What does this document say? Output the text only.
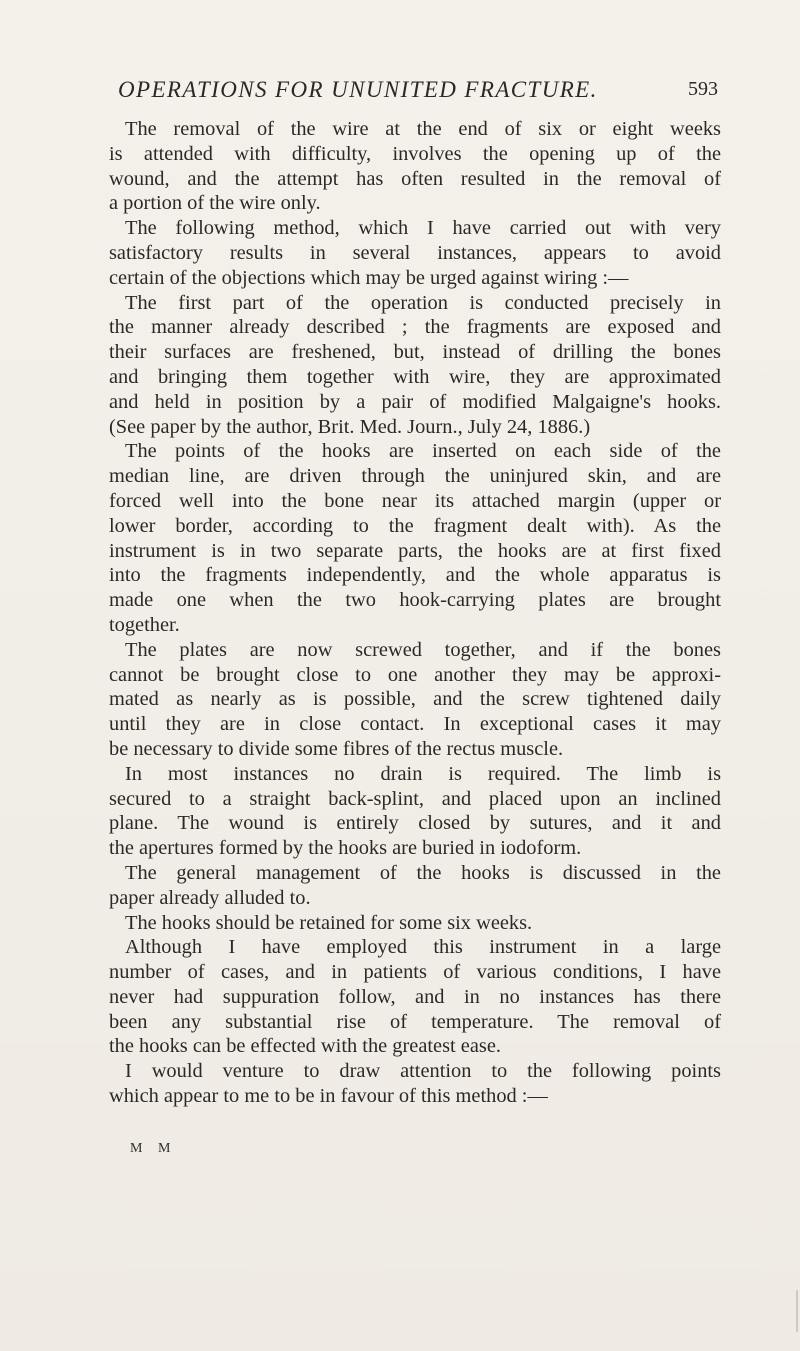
OPERATIONS FOR UNUNITED FRACTURE.	593
The removal of the wire at the end of six or eight weeks
is attended with difficulty, involves the opening up of the
wound, and the attempt has often resulted in the removal of
a portion of the wire only.
The following method, which I have carried out with very
satisfactory results in several instances, appears to avoid
certain of the objections which may be urged against wiring :—
The first part of the operation is conducted precisely in
the manner already described ; the fragments are exposed and
their surfaces are freshened, but, instead of drilling the bones
and bringing them together with wire, they are approximated
and held in position by a pair of modified Malgaigne's hooks.
(See paper by the author, Brit. Med. Journ., July 24, 1886.)
The points of the hooks are inserted on each side of the
median line, are driven through the uninjured skin, and are
forced well into the bone near its attached margin (upper or
lower border, according to the fragment dealt with). As the
instrument is in two separate parts, the hooks are at first fixed
into the fragments independently, and the whole apparatus is
made one when the two hook-carrying plates are brought
together.
The plates are now screwed together, and if the bones
cannot be brought close to one another they may be approxi-
mated as nearly as is possible, and the screw tightened daily
until they are in close contact. In exceptional cases it may
be necessary to divide some fibres of the rectus muscle.
In most instances no drain is required. The limb is
secured to a straight back-splint, and placed upon an inclined
plane. The wound is entirely closed by sutures, and it and
the apertures formed by the hooks are buried in iodoform.
The general management of the hooks is discussed in the
paper already alluded to.
The hooks should be retained for some six weeks.
Although I have employed this instrument in a large
number of cases, and in patients of various conditions, I have
never had suppuration follow, and in no instances has there
been any substantial rise of temperature. The removal of
the hooks can be effected with the greatest ease.
I would venture to draw attention to the following points
which appear to me to be in favour of this method :—
M M
